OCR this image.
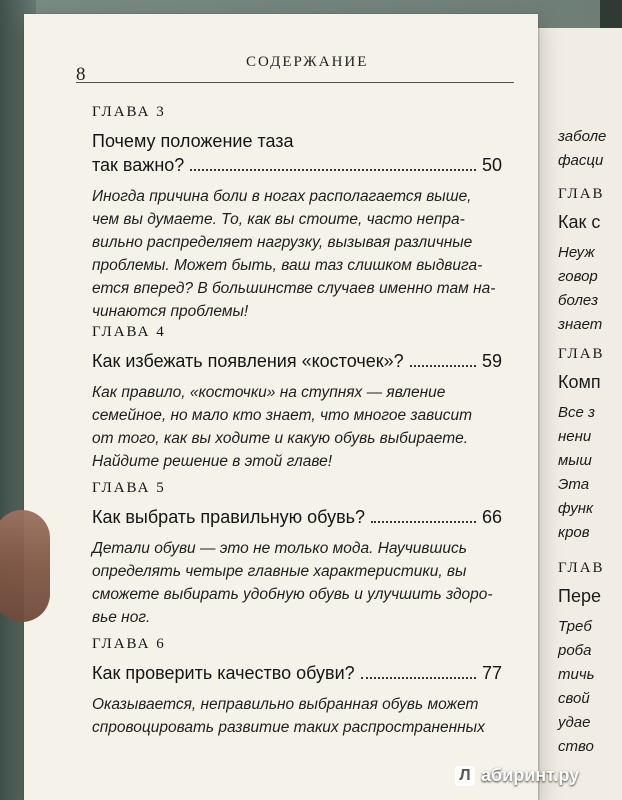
заболе
фасци
ГЛАВ
Как с
Неуж
говор
болез
знает
ГЛАВ
Комп
Все з
нени
мыш
Эта
функ
кров
ГЛАВ
Пере
Треб
роба
тичь
свой
удае
ство
8
СОДЕРЖАНИЕ
ГЛАВА 3
Почему положение таза
так важно?	50
Иногда причина боли в ногах располагается выше,
чем вы думаете. То, как вы стоите, часто непра-
вильно распределяет нагрузку, вызывая различные
проблемы. Может быть, ваш таз слишком выдвига-
ется вперед? В большинстве случаев именно там на-
чинаются проблемы!
ГЛАВА 4
Как избежать появления «косточек»?	59
Как правило, «косточки» на ступнях — явление
семейное, но мало кто знает, что многое зависит
от того, как вы ходите и какую обувь выбираете.
Найдите решение в этой главе!
ГЛАВА 5
Как выбрать правильную обувь?	66
Детали обуви — это не только мода. Научившись
определять четыре главные характеристики, вы
сможете выбирать удобную обувь и улучшить здоро-
вье ног.
ГЛАВА 6
Как проверить качество обуви?	77
Оказывается, неправильно выбранная обувь может
спровоцировать развитие таких распространенных
Л абиринт.ру
